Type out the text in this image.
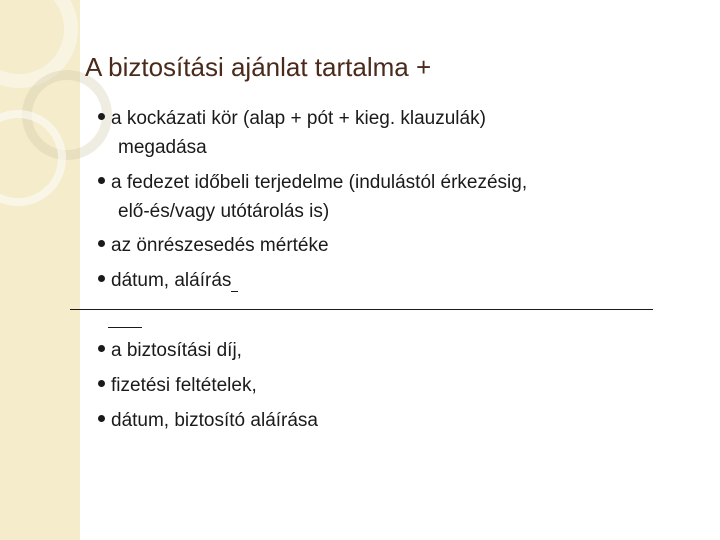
A biztosítási ajánlat tartalma +
a kockázati kör (alap + pót + kieg. klauzulák)
megadása
a fedezet időbeli terjedelme (indulástól érkezésig,
elő-és/vagy utótárolás is)
az önrészesedés mértéke
dátum, aláírás
a biztosítási díj,
fizetési feltételek,
dátum, biztosító aláírása
